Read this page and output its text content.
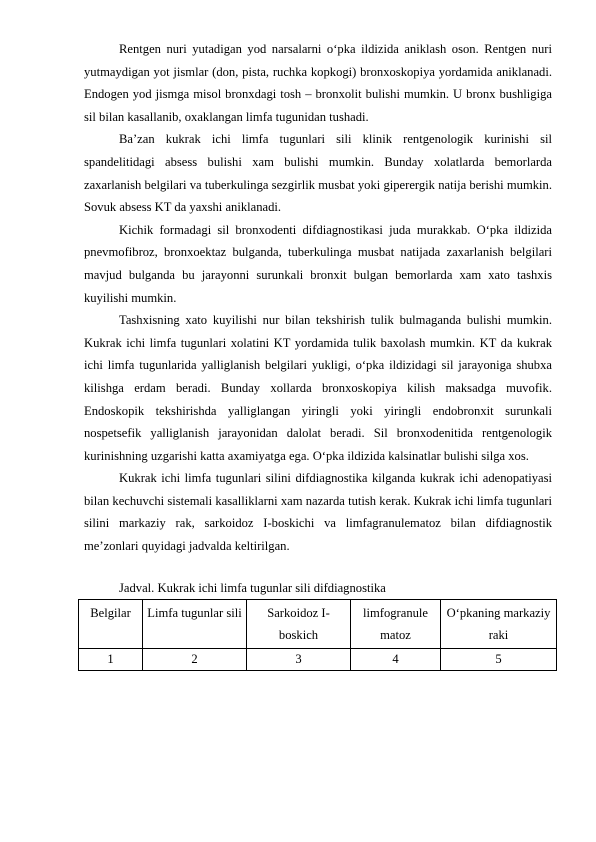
Rentgen nuri yutadigan yod narsalarni o‘pka ildizida aniklash oson. Rentgen nuri yutmaydigan yot jismlar (don, pista, ruchka kopkogi) bronxoskopiya yordamida aniklanadi. Endogen yod jismga misol bronxdagi tosh – bronxolit bulishi mumkin. U bronx bushligiga sil bilan kasallanib, oxaklangan limfa tugunidan tushadi.

Ba’zan kukrak ichi limfa tugunlari sili klinik rentgenologik kurinishi sil spandelitidagi absess bulishi xam bulishi mumkin. Bunday xolatlarda bemorlarda zaxarlanish belgilari va tuberkulinga sezgirlik musbat yoki giperergik natija berishi mumkin. Sovuk absess KT da yaxshi aniklanadi.

Kichik formadagi sil bronxodenti difdiagnostikasi juda murakkab. O‘pka ildizida pnevmofibroz, bronxoektaz bulganda, tuberkulinga musbat natijada zaxarlanish belgilari mavjud bulganda bu jarayonni surunkali bronxit bulgan bemorlarda xam xato tashxis kuyilishi mumkin.

Tashxisning xato kuyilishi nur bilan tekshirish tulik bulmaganda bulishi mumkin. Kukrak ichi limfa tugunlari xolatini KT yordamida tulik baxolash mumkin. KT da kukrak ichi limfa tugunlarida yalliglanish belgilari yukligi, o‘pka ildizidagi sil jarayoniga shubxa kilishga erdam beradi. Bunday xollarda bronxoskopiya kilish maksadga muvofik. Endoskopik tekshirishda yalliglangan yiringli yoki yiringli endobronxit surunkali nospetsefik yalliglanish jarayonidan dalolat beradi. Sil bronxodenitida rentgenologik kurinishning uzgarishi katta axamiyatga ega. O‘pka ildizida kalsinatlar bulishi silga xos.

Kukrak ichi limfa tugunlari silini difdiagnostika kilganda kukrak ichi adenopatiyasi bilan kechuvchi sistemali kasalliklarni xam nazarda tutish kerak. Kukrak ichi limfa tugunlari silini markaziy rak, sarkoidoz I-boskichi va limfagranulematoz bilan difdiagnostik me’zonlari quyidagi jadvalda keltirilgan.

Jadval. Kukrak ichi limfa tugunlar sili difdiagnostika

Belgilar	Limfa tugunlar sili	Sarkoidoz I-boskich	limfogranule matoz	O‘pkaning markaziy raki
1	2	3	4	5
